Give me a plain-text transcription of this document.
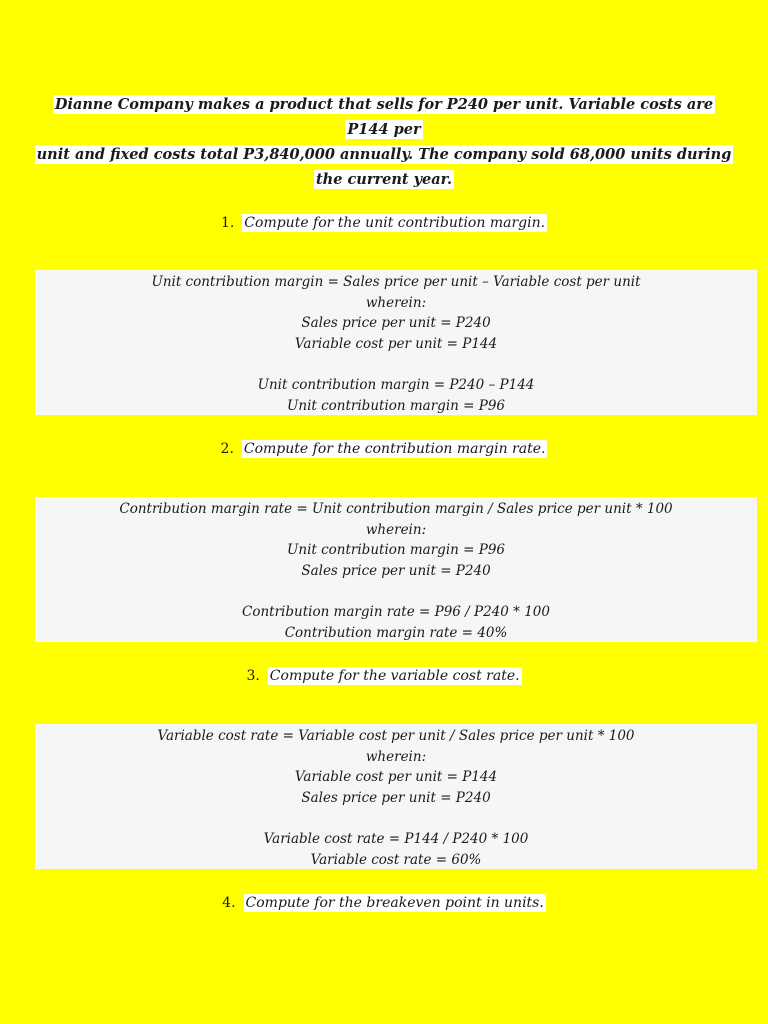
Dianne Company makes a product that sells for P240 per unit. Variable costs are P144 per
unit and fixed costs total P3,840,000 annually. The company sold 68,000 units during
the current year.
1. Compute for the unit contribution margin.
Unit contribution margin = Sales price per unit – Variable cost per unit
wherein:
Sales price per unit = P240
Variable cost per unit = P144
Unit contribution margin = P240 – P144
Unit contribution margin = P96
2. Compute for the contribution margin rate.
Contribution margin rate = Unit contribution margin / Sales price per unit * 100
wherein:
Unit contribution margin = P96
Sales price per unit = P240
Contribution margin rate = P96 / P240 * 100
Contribution margin rate = 40%
3. Compute for the variable cost rate.
Variable cost rate = Variable cost per unit / Sales price per unit * 100
wherein:
Variable cost per unit = P144
Sales price per unit = P240
Variable cost rate = P144 / P240 * 100
Variable cost rate = 60%
4. Compute for the breakeven point in units.
